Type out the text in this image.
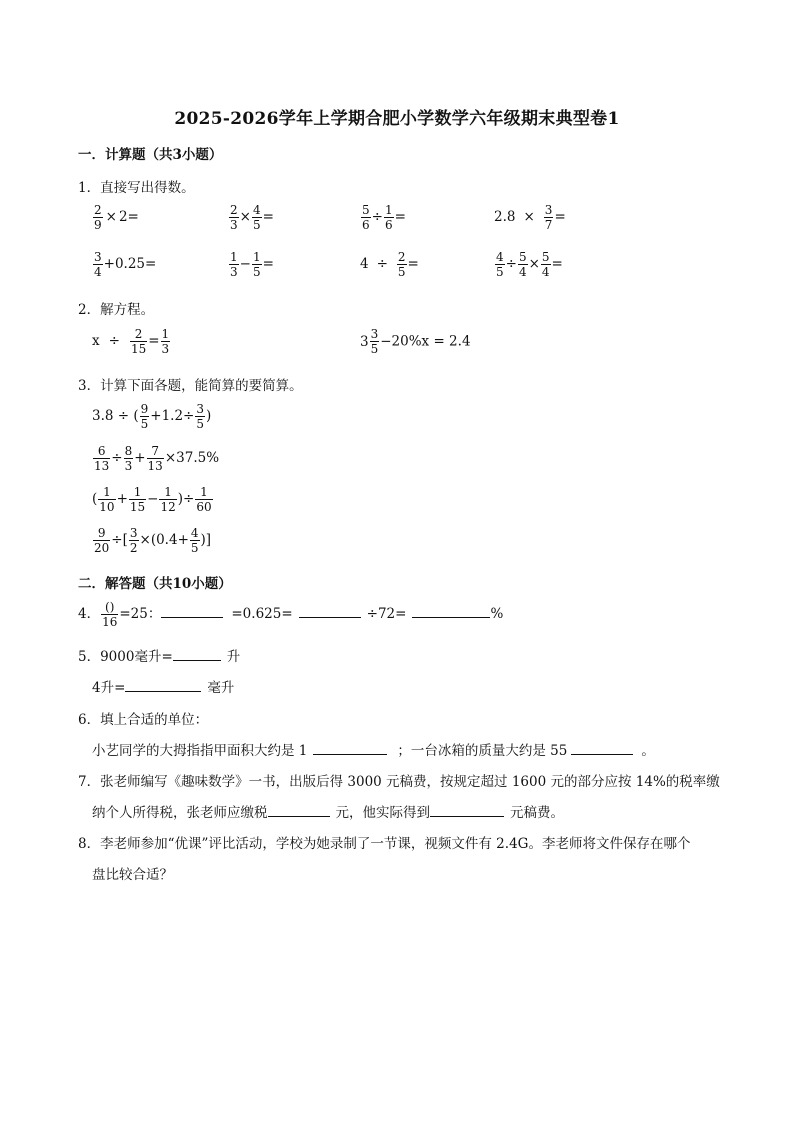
2025-2026学年上学期合肥小学数学六年级期末典型卷1
一．计算题（共3小题）
1．直接写出得数。
$\frac{2}{9} \times 2=$	$\frac{2}{3} \times \frac{4}{5}$ =	$\frac{5}{6} \div \frac{1}{6}$ =	$2.8 \times \frac{3}{7}$ =
$\frac{3}{4} +0.25=$	$\frac{1}{3} - \frac{1}{5}$ =	$4 \div \frac{2}{5}$ =	$\frac{4}{5} \div \frac{5}{4} \times \frac{5}{4}$ =
2．解方程。
$x \div \frac{2}{15} = \frac{1}{3}$	$3 \frac{3}{5} -20\%x = 2.4$
3．计算下面各题，能简算的要简算。
3.8 ÷ ( $\frac{9}{5} +1.2\div \frac{3}{5}$ )
$\frac{6}{13} \div \frac{8}{3} + \frac{7}{13} \times 37.5\%$
( $\frac{1}{10} + \frac{1}{15} - \frac{1}{12}$ )÷ $\frac{1}{60}$
$\frac{9}{20}$ ÷[ $\frac{3}{2} \times(0.4+ \frac{4}{5}$ )]
二．解答题（共10小题）
4． $\frac{()}{16} =25$：	=0.625=	÷72=	%
5．9000毫升=	升
4升=	毫升
6．填上合适的单位：
小艺同学的大拇指指甲面积大约是 1	；一台冰箱的质量大约是 55	。
7．张老师编写《趣味数学》一书，出版后得 3000 元稿费，按规定超过 1600 元的部分应按 14%的税率缴
纳个人所得税，张老师应缴税	元，他实际得到	元稿费。
8．李老师参加“优课”评比活动，学校为她录制了一节课，视频文件有 2.4G。李老师将文件保存在哪个
盘比较合适？
